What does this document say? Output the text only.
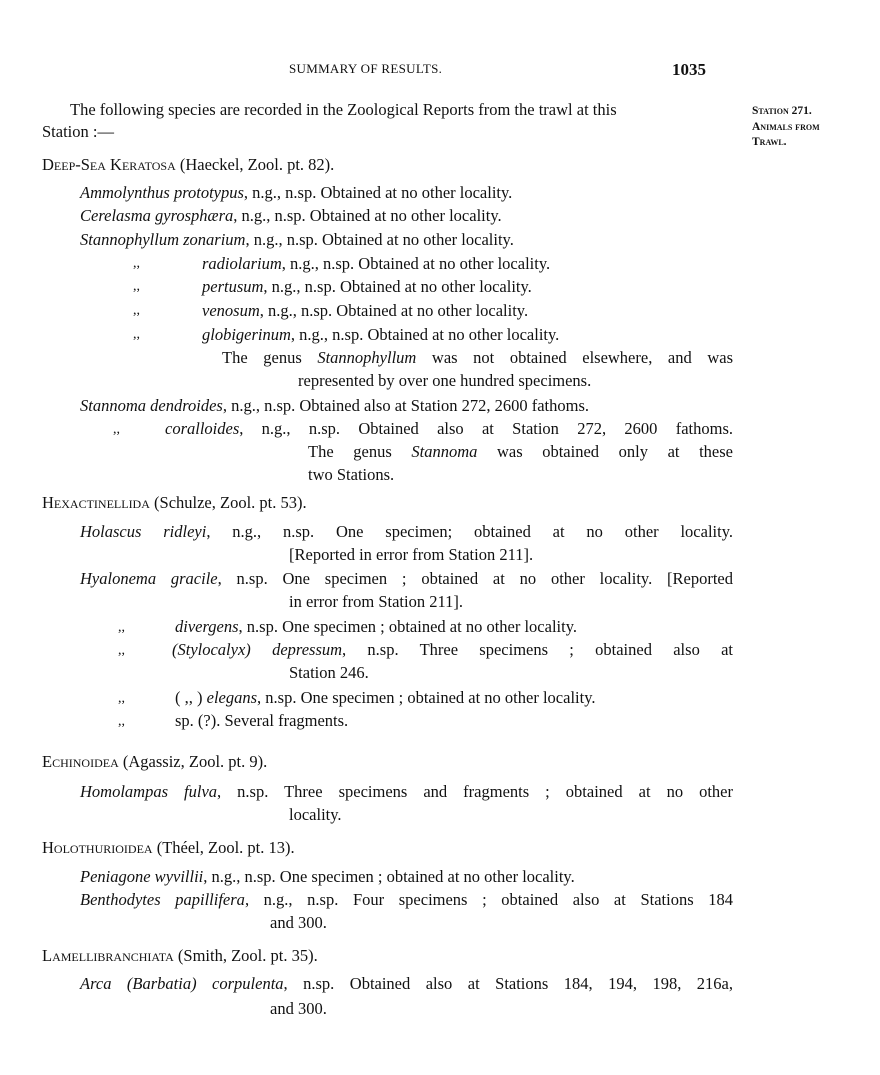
SUMMARY OF RESULTS.	1035
Station 271.
Animals from
Trawl.
The following species are recorded in the Zoological Reports from the trawl at this
Station :—
Deep-Sea Keratosa (Haeckel, Zool. pt. 82).
Ammolynthus prototypus, n.g., n.sp. Obtained at no other locality.
Cerelasma gyrosphæra, n.g., n.sp. Obtained at no other locality.
Stannophyllum zonarium, n.g., n.sp. Obtained at no other locality.
,,	radiolarium, n.g., n.sp. Obtained at no other locality.
,,	pertusum, n.g., n.sp. Obtained at no other locality.
,,	venosum, n.g., n.sp. Obtained at no other locality.
,,	globigerinum, n.g., n.sp. Obtained at no other locality.
The genus Stannophyllum was not obtained elsewhere, and was
represented by over one hundred specimens.
Stannoma dendroides, n.g., n.sp. Obtained also at Station 272, 2600 fathoms.
,,	coralloides, n.g., n.sp. Obtained also at Station 272, 2600 fathoms.
The genus Stannoma was obtained only at these
two Stations.
Hexactinellida (Schulze, Zool. pt. 53).
Holascus ridleyi, n.g., n.sp. One specimen; obtained at no other locality.
[Reported in error from Station 211].
Hyalonema gracile, n.sp. One specimen ; obtained at no other locality. [Reported
in error from Station 211].
,,	divergens, n.sp. One specimen ; obtained at no other locality.
,,	(Stylocalyx) depressum, n.sp. Three specimens ; obtained also at
Station 246.
,,	( ,, ) elegans, n.sp. One specimen ; obtained at no other locality.
,,	sp. (?). Several fragments.
Echinoidea (Agassiz, Zool. pt. 9).
Homolampas fulva, n.sp. Three specimens and fragments ; obtained at no other
locality.
Holothurioidea (Théel, Zool. pt. 13).
Peniagone wyvillii, n.g., n.sp. One specimen ; obtained at no other locality.
Benthodytes papillifera, n.g., n.sp. Four specimens ; obtained also at Stations 184
and 300.
Lamellibranchiata (Smith, Zool. pt. 35).
Arca (Barbatia) corpulenta, n.sp. Obtained also at Stations 184, 194, 198, 216a,
and 300.
